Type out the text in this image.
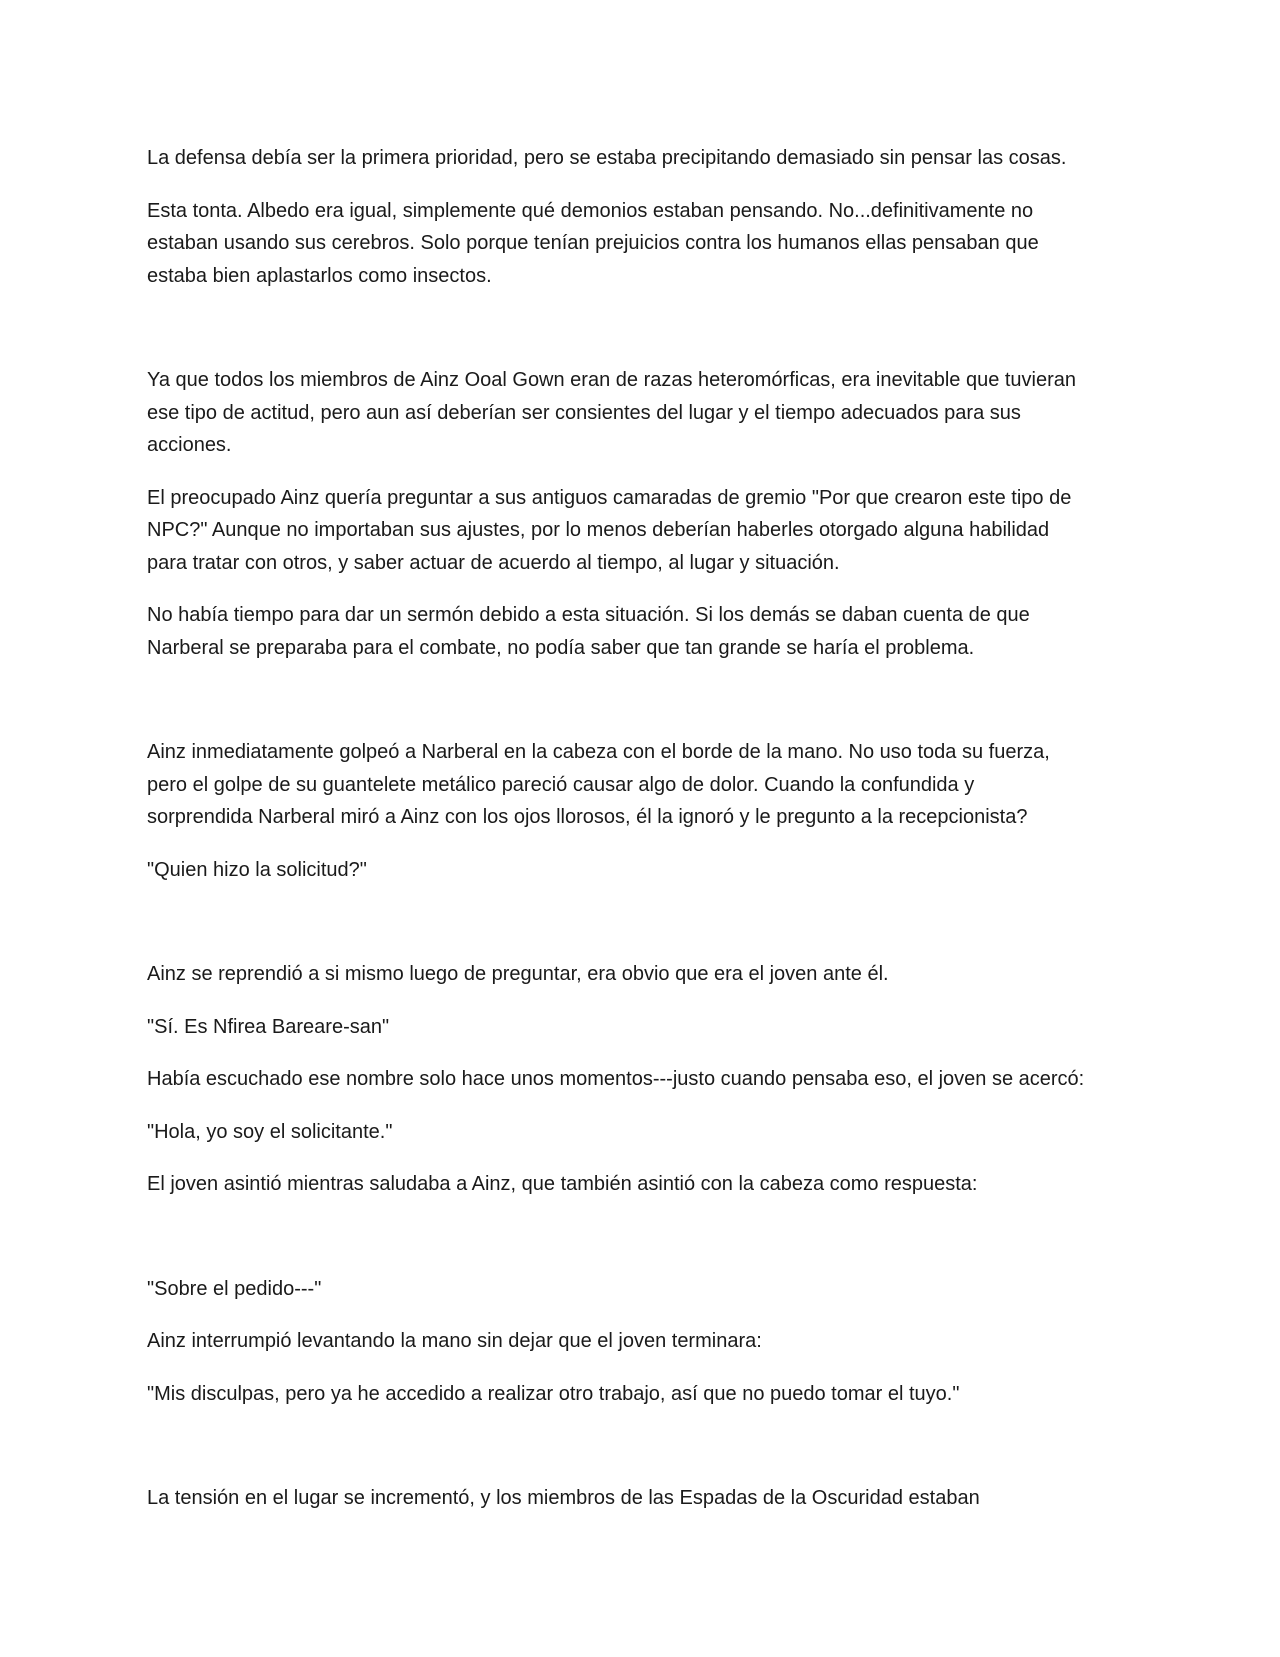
La defensa debía ser la primera prioridad, pero se estaba precipitando demasiado sin pensar las cosas.

Esta tonta. Albedo era igual, simplemente qué demonios estaban pensando. No...definitivamente no
estaban usando sus cerebros. Solo porque tenían prejuicios contra los humanos ellas pensaban que
estaba bien aplastarlos como insectos.

Ya que todos los miembros de Ainz Ooal Gown eran de razas heteromórficas, era inevitable que tuvieran
ese tipo de actitud, pero aun así deberían ser consientes del lugar y el tiempo adecuados para sus
acciones.

El preocupado Ainz quería preguntar a sus antiguos camaradas de gremio "Por que crearon este tipo de
NPC?" Aunque no importaban sus ajustes, por lo menos deberían haberles otorgado alguna habilidad
para tratar con otros, y saber actuar de acuerdo al tiempo, al lugar y situación.

No había tiempo para dar un sermón debido a esta situación. Si los demás se daban cuenta de que
Narberal se preparaba para el combate, no podía saber que tan grande se haría el problema.

Ainz inmediatamente golpeó a Narberal en la cabeza con el borde de la mano. No uso toda su fuerza,
pero el golpe de su guantelete metálico pareció causar algo de dolor. Cuando la confundida y
sorprendida Narberal miró a Ainz con los ojos llorosos, él la ignoró y le pregunto a la recepcionista?

"Quien hizo la solicitud?"

Ainz se reprendió a si mismo luego de preguntar, era obvio que era el joven ante él.

"Sí. Es Nfirea Bareare-san"

Había escuchado ese nombre solo hace unos momentos---justo cuando pensaba eso, el joven se acercó:

"Hola, yo soy el solicitante."

El joven asintió mientras saludaba a Ainz, que también asintió con la cabeza como respuesta:

"Sobre el pedido---"

Ainz interrumpió levantando la mano sin dejar que el joven terminara:

"Mis disculpas, pero ya he accedido a realizar otro trabajo, así que no puedo tomar el tuyo."

La tensión en el lugar se incrementó, y los miembros de las Espadas de la Oscuridad estaban
